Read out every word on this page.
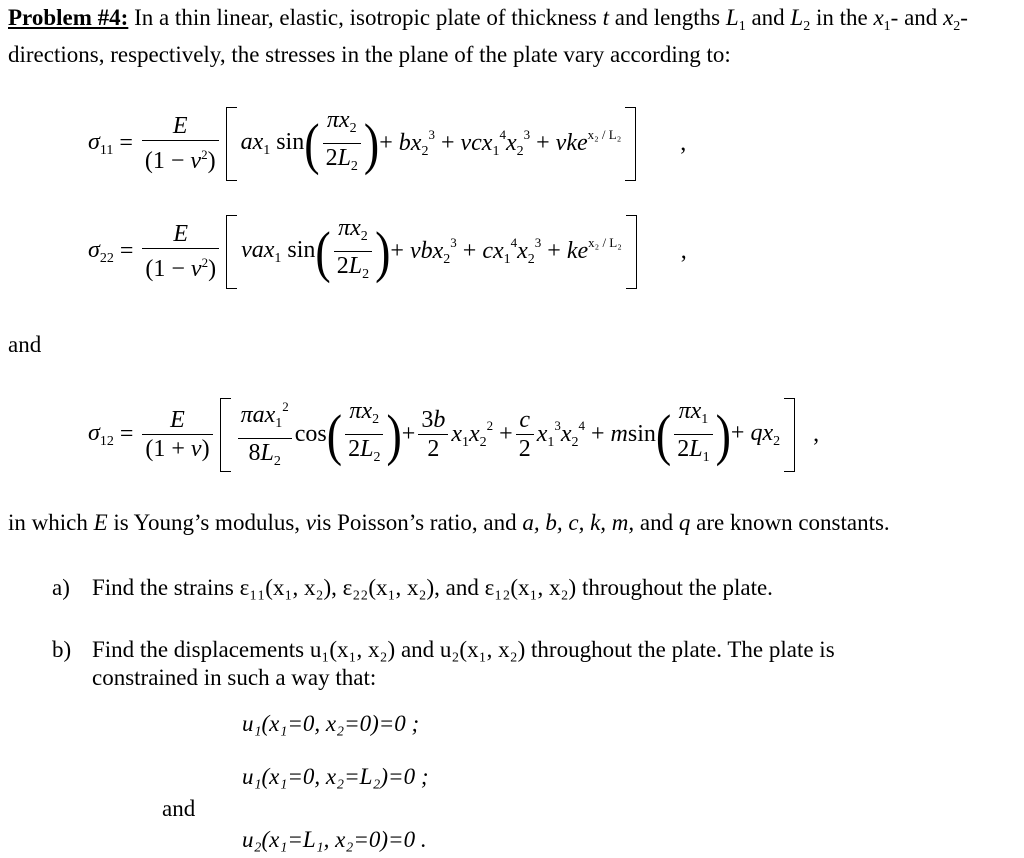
Problem #4: In a thin linear, elastic, isotropic plate of thickness t and lengths $L_1$ and $L_2$ in the $x_1-$ and $x_2$-directions, respectively, the stresses in the plane of the plate vary according to:
$\sigma_{11} = \frac{E}{(1 - \nu^2)} ax_1$ sin ( $\frac{\pi x_2}{2L_2}$ ) + $bx_2^3 + \nu cx_1^4x_2^3 + \nu ke^{x_2 / L_2}$ ,
$\sigma_{22} = \frac{E}{(1 - \nu^2)} \nu ax_1$ sin ( $\frac{\pi x_2}{2L_2}$ ) + $\nu bx_2^3 + cx_1^4x_2^3 + ke^{x_2 / L_2}$ ,
and
$\sigma_{12} = \frac{E}{(1 + \nu)} \frac{\pi ax_1^2}{8L_2}$ cos ( $\frac{\pi x_2}{2L_2}$ ) + $\frac{3b}{2} x_1x_2^2 + \frac{c}{2} x_1^3x_2^4 + msin$ ( $\frac{\pi x_1}{2L_1}$ ) + $qx_2$ ,
in which E is Young’s modulus, νis Poisson’s ratio, and a, b, c, k, m, and q are known constants.
a) Find the strains ε₁₁(x₁, x₂), ε₂₂(x₁, x₂), and ε₁₂(x₁, x₂) throughout the plate.
b) Find the displacements u₁(x₁, x₂) and u₂(x₁, x₂) throughout the plate. The plate is
constrained in such a way that:
u₁(x₁=0, x₂=0)=0 ;
u₁(x₁=0, x₂=L₂)=0 ;
and
u₂(x₁=L₁, x₂=0)=0 .
